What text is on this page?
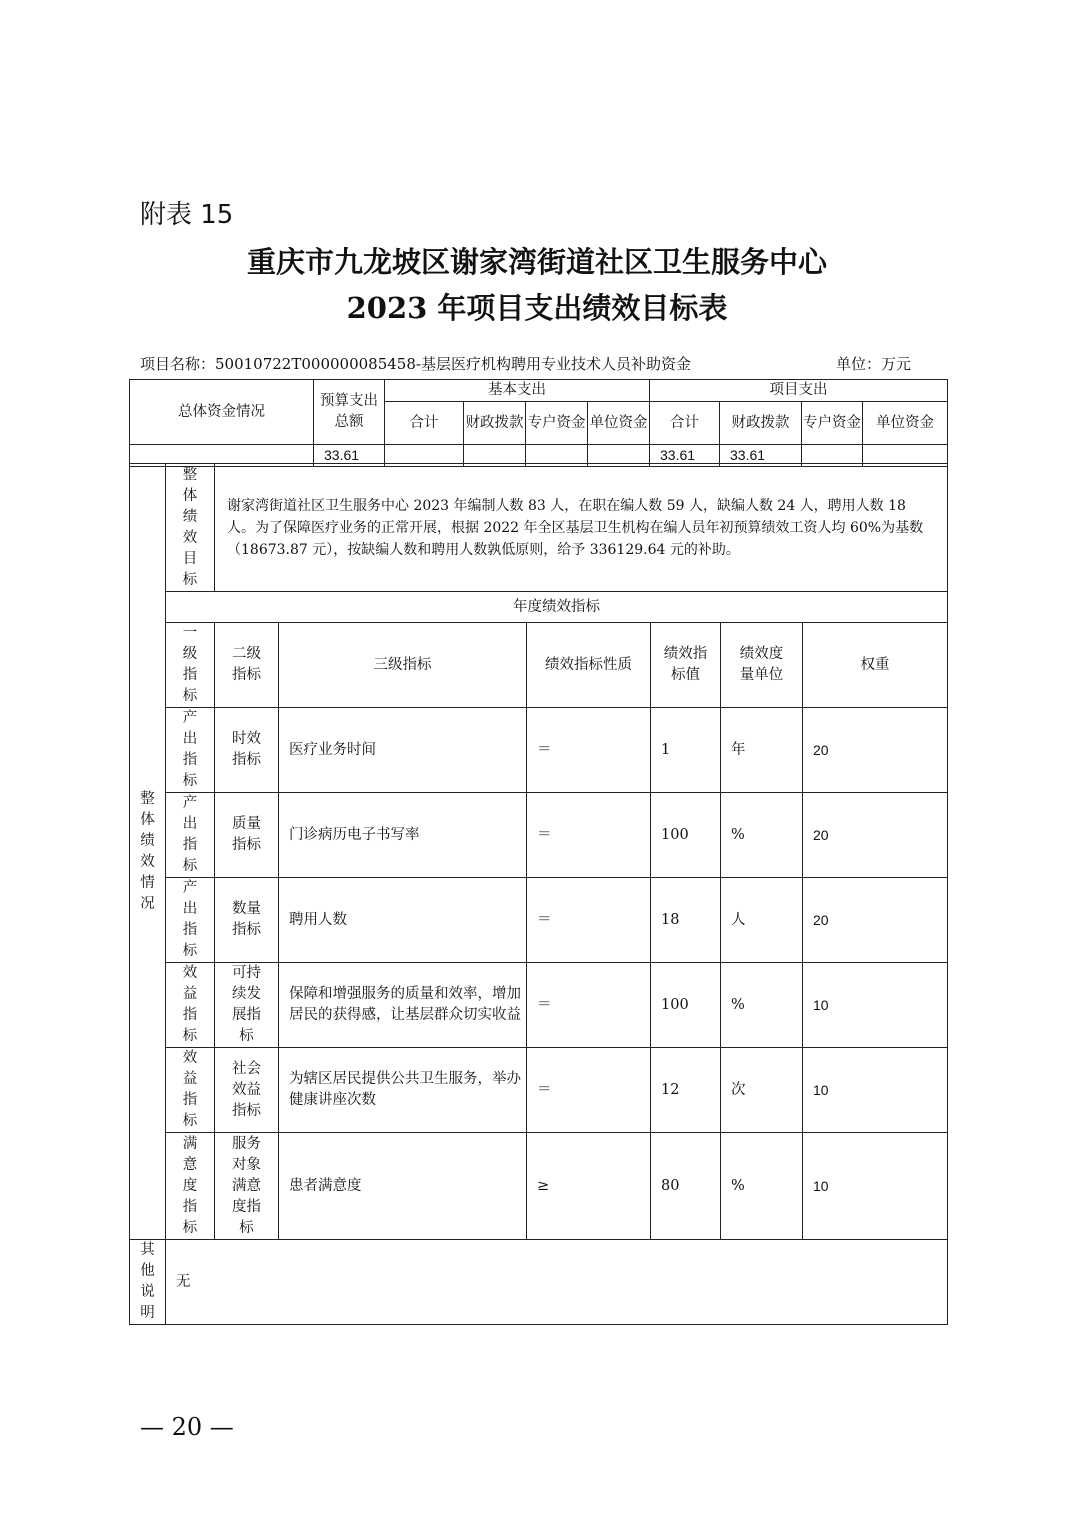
附表 15
重庆市九龙坡区谢家湾街道社区卫生服务中心
2023 年项目支出绩效目标表
项目名称：50010722T000000085458-基层医疗机构聘用专业技术人员补助资金	单位：万元
总体资金情况	预算支出总额	基本支出				项目支出			
		合计	财政拨款	专户资金	单位资金	合计	财政拨款	专户资金	单位资金
	33.61					33.61	33.61		
整体绩效情况	整体绩效目标	谢家湾街道社区卫生服务中心 2023 年编制人数 83 人，在职在编人数 59 人，缺编人数 24 人，聘用人数 18 人。为了保障医疗业务的正常开展，根据 2022 年全区基层卫生机构在编人员年初预算绩效工资人均 60%为基数（18673.87 元），按缺编人数和聘用人数孰低原则，给予 336129.64 元的补助。					
	年度绩效指标						

	一级指标	二级指标	三级指标	绩效指标性质	绩效指标值	绩效度量单位	权重

	产出指标	时效指标	医疗业务时间	＝	1	年	20

	产出指标	质量指标	门诊病历电子书写率	＝	100	%	20

	产出指标	数量指标	聘用人数	＝	18	人	20

	效益指标	可持续发展指标	保障和增强服务的质量和效率，增加居民的获得感，让基层群众切实收益	＝	100	%	10

	效益指标	社会效益指标	为辖区居民提供公共卫生服务，举办健康讲座次数	＝	12	次	10

	满意度指标	服务对象满意度指标	患者满意度	≥	80	%	10

其他说明	无						
— 20 —
